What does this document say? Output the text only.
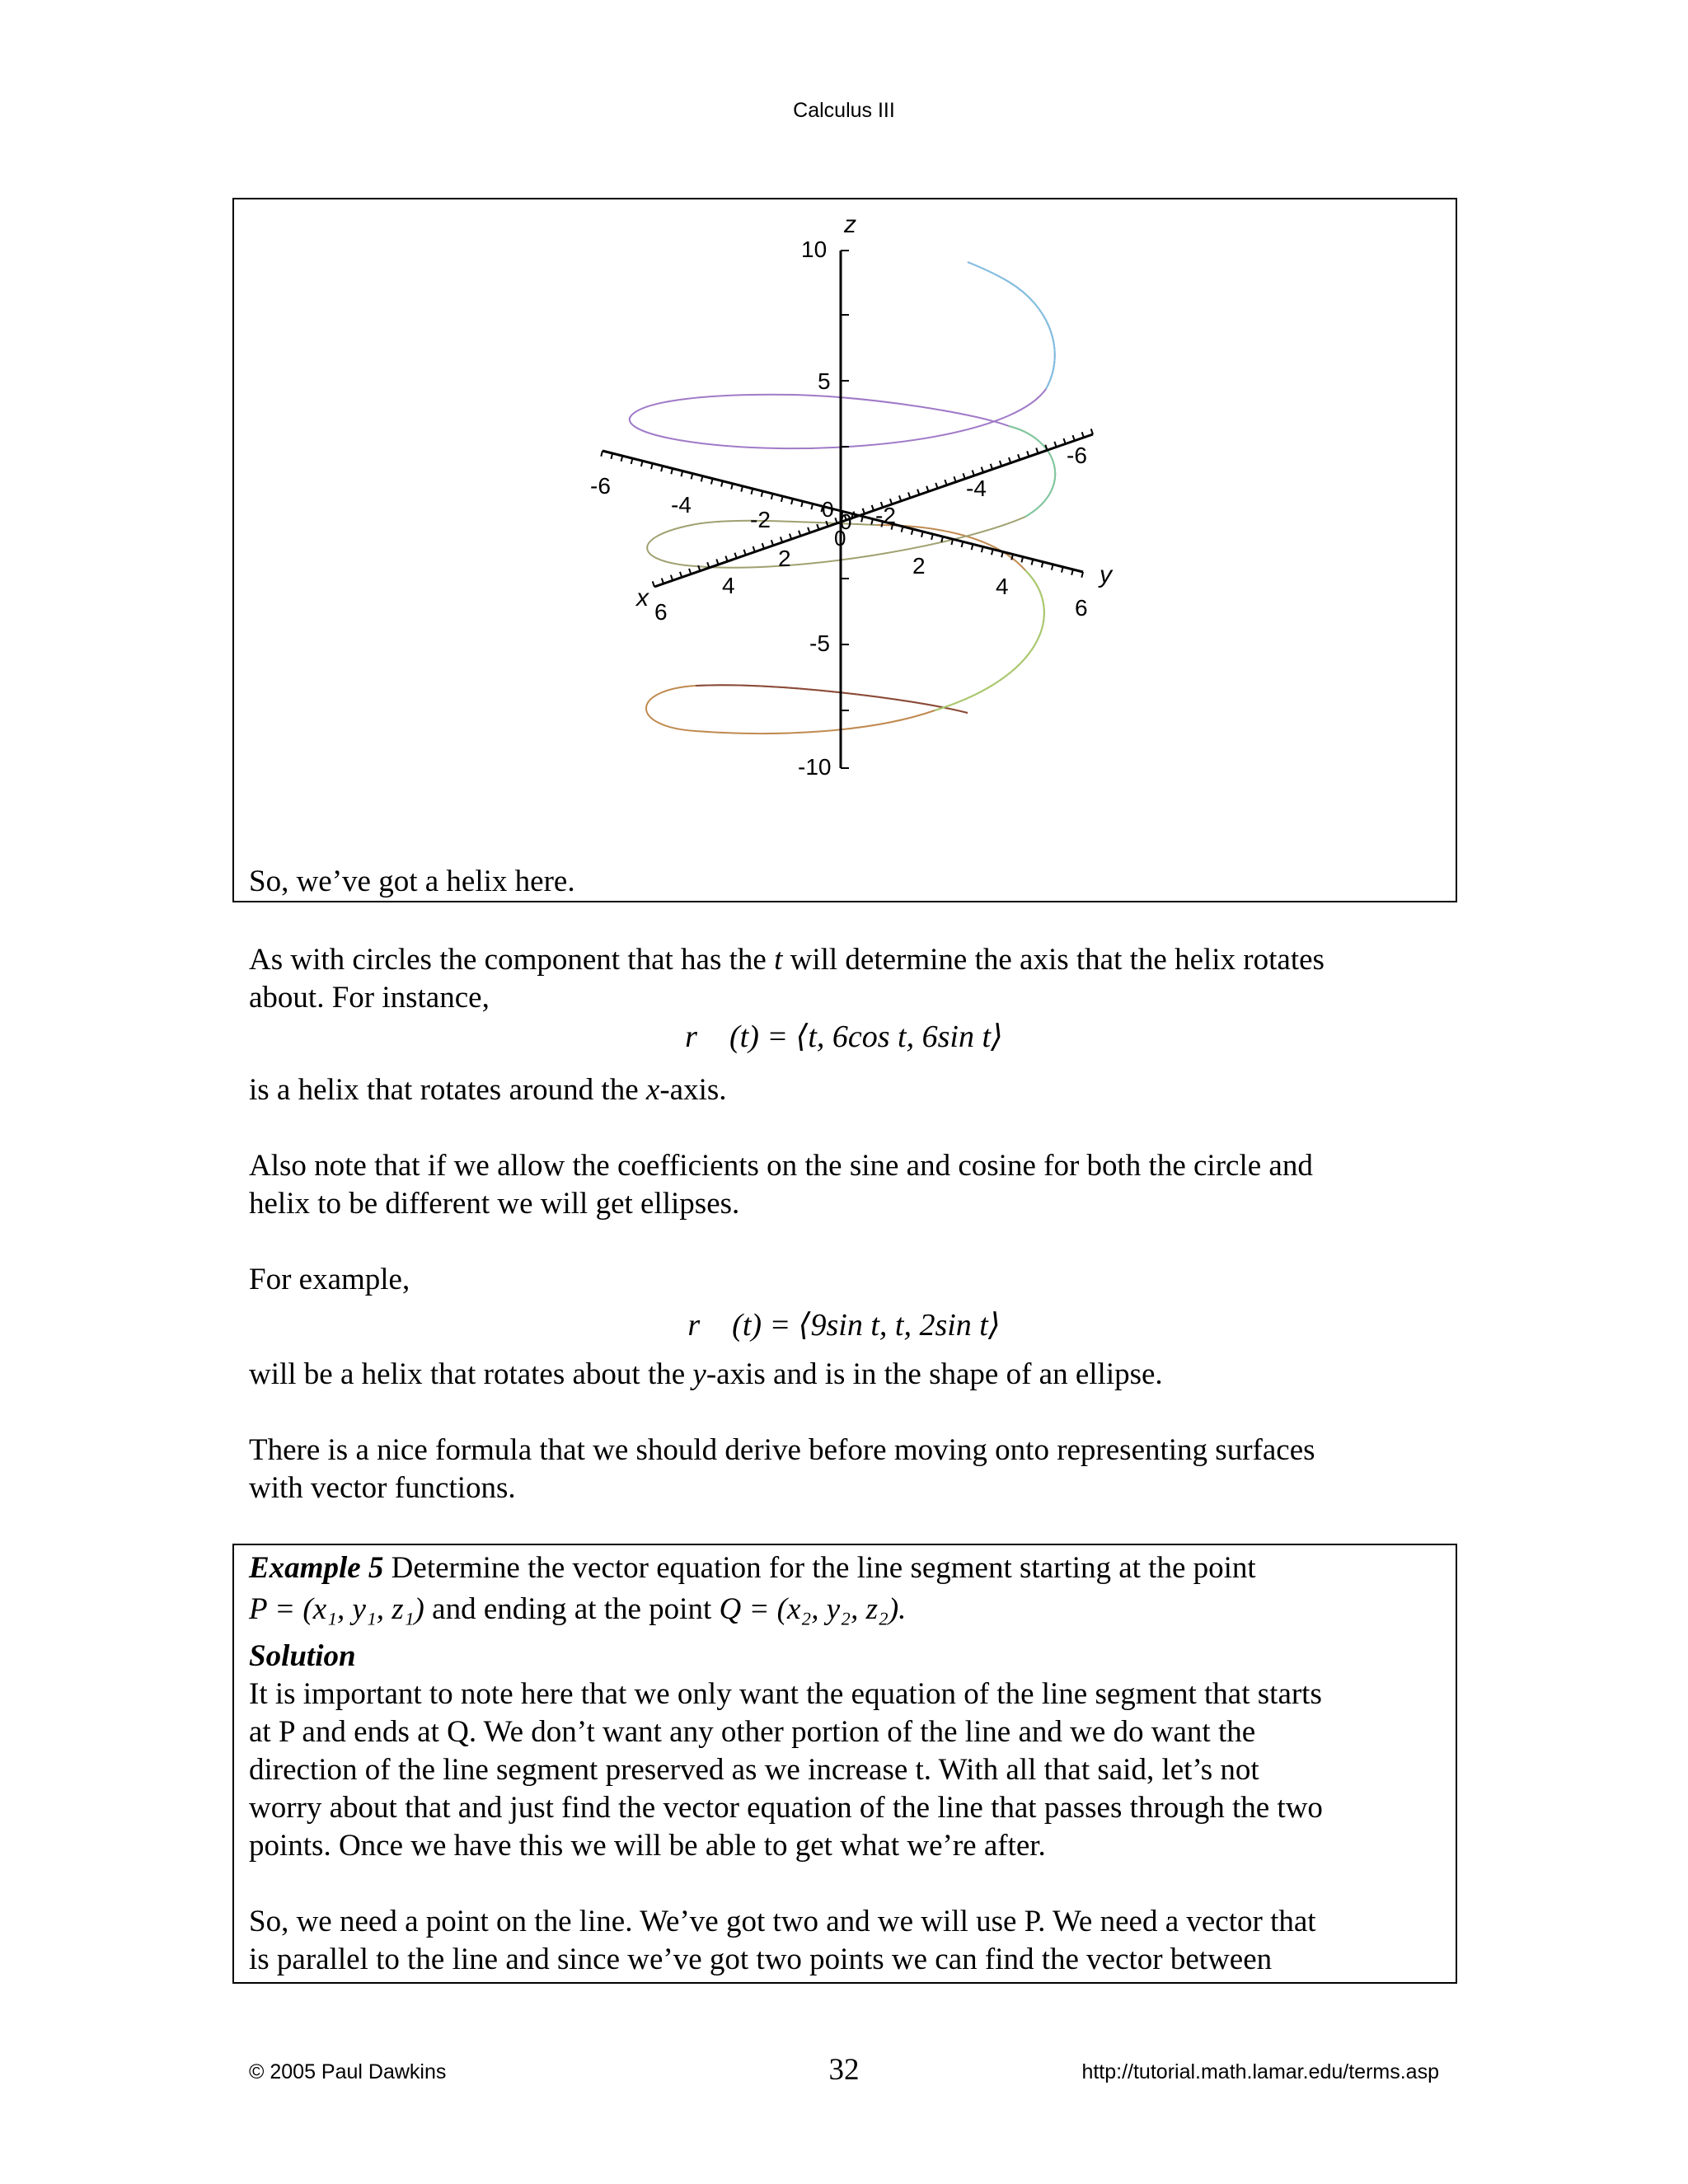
Calculus III
z
10
5
-5
-10
x
-6
-4
-2
2
4
6
y
-6
-4
-2
2
4
6
0 0
0
So, we’ve got a helix here.
As with circles the component that has the t will determine the axis that the helix rotates
about. For instance,
r⃗ (t) = ⟨t, 6cos t, 6sin t⟩
is a helix that rotates around the x-axis.
Also note that if we allow the coefficients on the sine and cosine for both the circle and
helix to be different we will get ellipses.
For example,
r⃗ (t) = ⟨9sin t, t, 2sin t⟩
will be a helix that rotates about the y-axis and is in the shape of an ellipse.
There is a nice formula that we should derive before moving onto representing surfaces
with vector functions.
Example 5 Determine the vector equation for the line segment starting at the point
P = (x₁, y₁, z₁) and ending at the point Q = (x₂, y₂, z₂).
Solution
It is important to note here that we only want the equation of the line segment that starts
at P and ends at Q. We don’t want any other portion of the line and we do want the
direction of the line segment preserved as we increase t. With all that said, let’s not
worry about that and just find the vector equation of the line that passes through the two
points. Once we have this we will be able to get what we’re after.
So, we need a point on the line. We’ve got two and we will use P. We need a vector that
is parallel to the line and since we’ve got two points we can find the vector between
© 2005 Paul Dawkins	32	http://tutorial.math.lamar.edu/terms.asp
